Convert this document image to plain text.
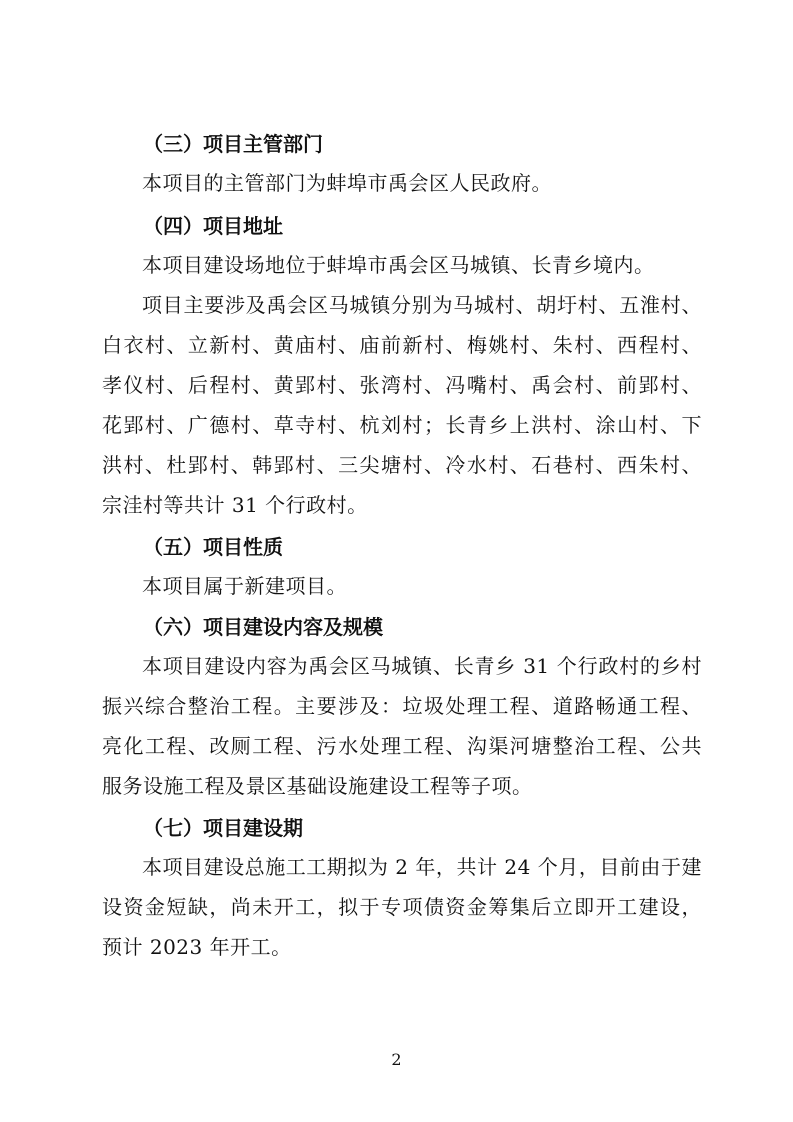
（三）项目主管部门
本项目的主管部门为蚌埠市禹会区人民政府。
（四）项目地址
本项目建设场地位于蚌埠市禹会区马城镇、长青乡境内。
项目主要涉及禹会区马城镇分别为马城村、胡圩村、五淮村、
白衣村、立新村、黄庙村、庙前新村、梅姚村、朱村、西程村、
孝仪村、后程村、黄郢村、张湾村、冯嘴村、禹会村、前郢村、
花郢村、广德村、草寺村、杭刘村；长青乡上洪村、涂山村、下
洪村、杜郢村、韩郢村、三尖塘村、冷水村、石巷村、西朱村、
宗洼村等共计 31 个行政村。
（五）项目性质
本项目属于新建项目。
（六）项目建设内容及规模
本项目建设内容为禹会区马城镇、长青乡 31 个行政村的乡村
振兴综合整治工程。主要涉及：垃圾处理工程、道路畅通工程、
亮化工程、改厕工程、污水处理工程、沟渠河塘整治工程、公共
服务设施工程及景区基础设施建设工程等子项。
（七）项目建设期
本项目建设总施工工期拟为 2 年，共计 24 个月，目前由于建
设资金短缺，尚未开工，拟于专项债资金筹集后立即开工建设，
预计 2023 年开工。
2
